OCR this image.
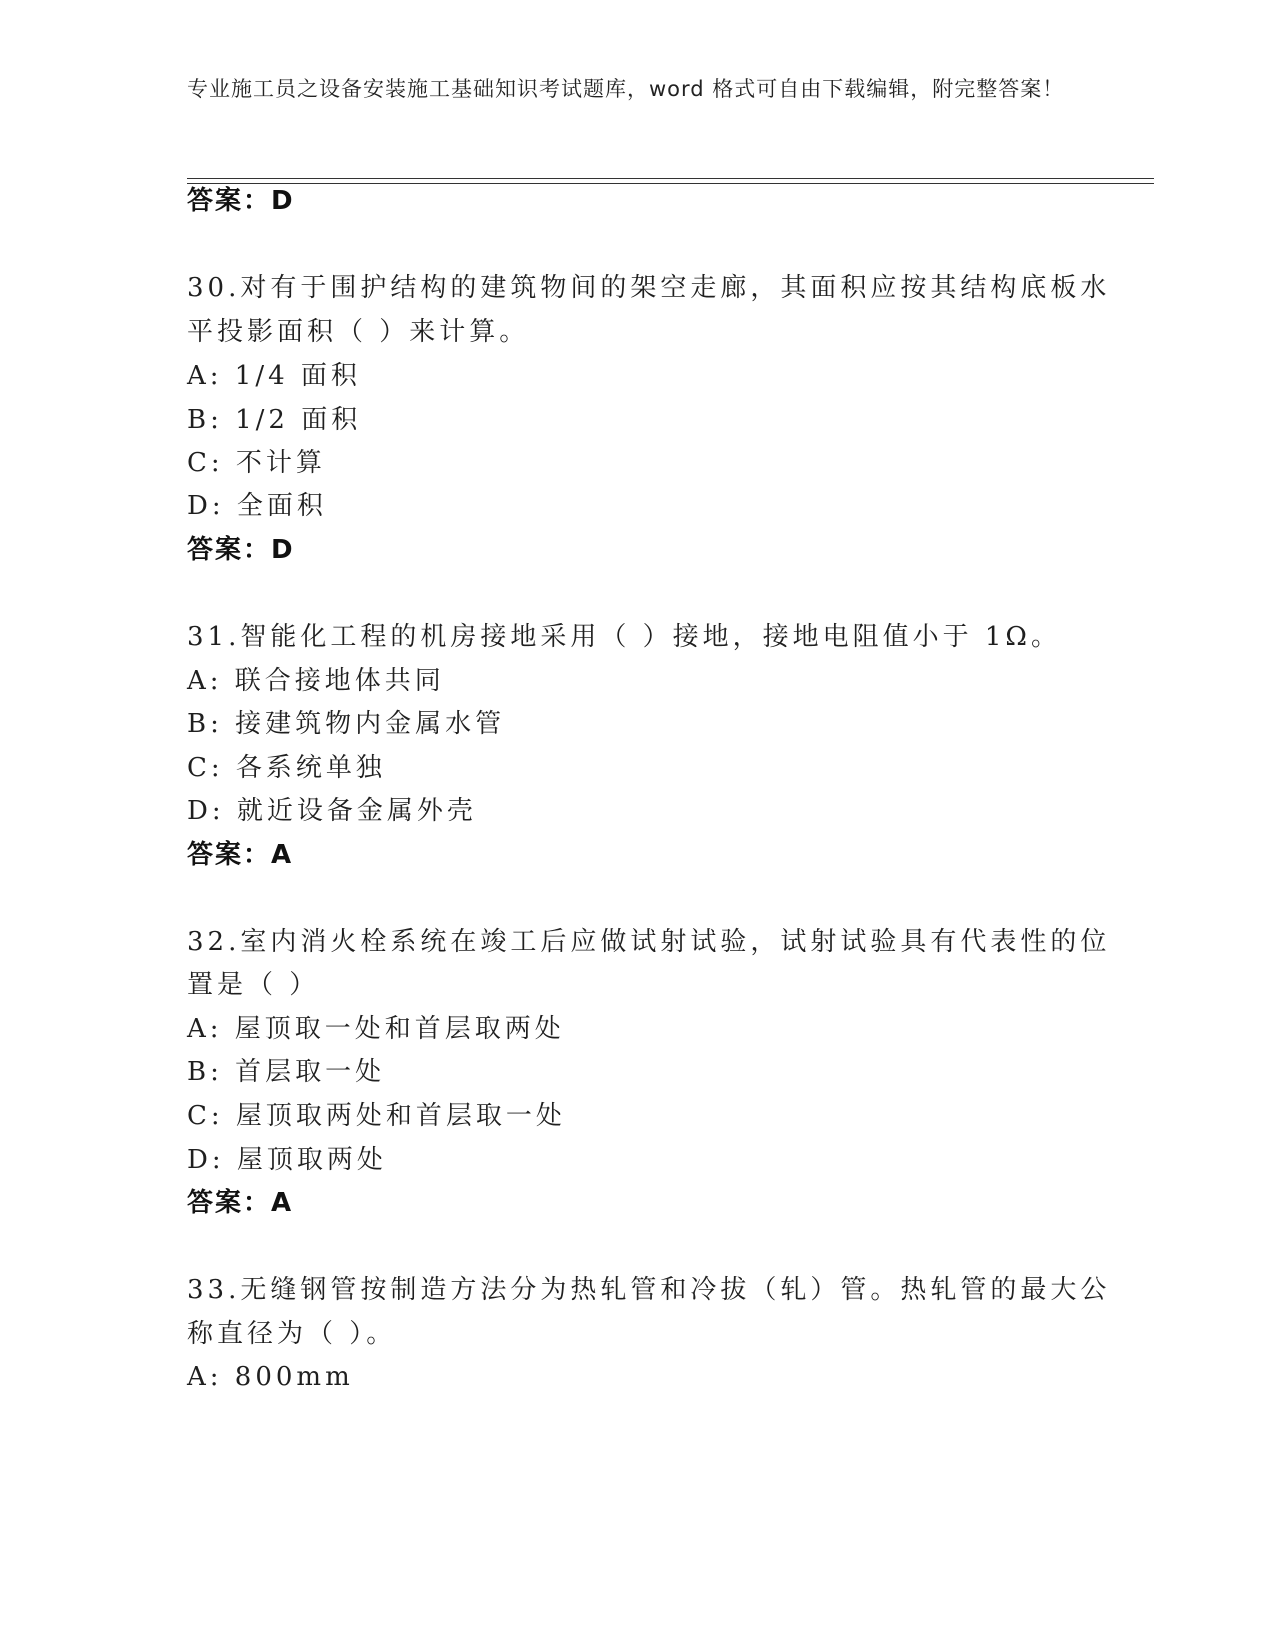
专业施工员之设备安装施工基础知识考试题库，word 格式可自由下载编辑，附完整答案！
答案：D
30.对有于围护结构的建筑物间的架空走廊，其面积应按其结构底板水
平投影面积（ ）来计算。
A: 1/4 面积
B: 1/2 面积
C: 不计算
D: 全面积
答案：D
31.智能化工程的机房接地采用（ ）接地，接地电阻值小于 1Ω。
A: 联合接地体共同
B: 接建筑物内金属水管
C: 各系统单独
D: 就近设备金属外壳
答案：A
32.室内消火栓系统在竣工后应做试射试验，试射试验具有代表性的位
置是（ ）
A: 屋顶取一处和首层取两处
B: 首层取一处
C: 屋顶取两处和首层取一处
D: 屋顶取两处
答案：A
33.无缝钢管按制造方法分为热轧管和冷拔（轧）管。热轧管的最大公
称直径为（ ）。
A: 800mm
